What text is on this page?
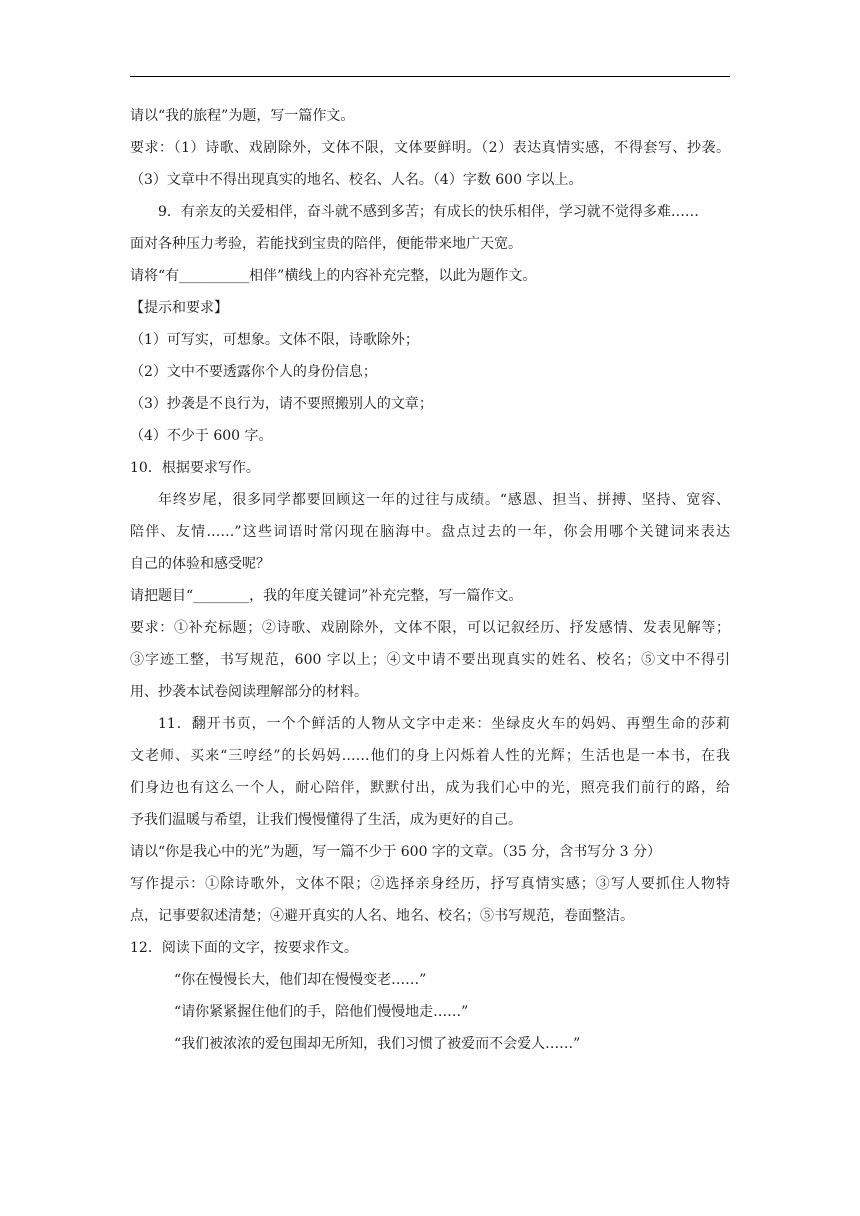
请以“我的旅程”为题，写一篇作文。
要求：（1）诗歌、戏剧除外，文体不限，文体要鲜明。（2）表达真情实感，不得套写、抄袭。
（3）文章中不得出现真实的地名、校名、人名。（4）字数 600 字以上。
9．有亲友的关爱相伴，奋斗就不感到多苦；有成长的快乐相伴，学习就不觉得多难……
面对各种压力考验，若能找到宝贵的陪伴，便能带来地广天宽。
请将“有__________相伴”横线上的内容补充完整，以此为题作文。
【提示和要求】
（1）可写实，可想象。文体不限，诗歌除外；
（2）文中不要透露你个人的身份信息；
（3）抄袭是不良行为，请不要照搬别人的文章；
（4）不少于 600 字。
10．根据要求写作。
年终岁尾，很多同学都要回顾这一年的过往与成绩。“感恩、担当、拼搏、坚持、宽容、
陪伴、友情……”这些词语时常闪现在脑海中。盘点过去的一年，你会用哪个关键词来表达
自己的体验和感受呢？
请把题目“________，我的年度关键词”补充完整，写一篇作文。
要求：①补充标题；②诗歌、戏剧除外，文体不限，可以记叙经历、抒发感情、发表见解等；
③字迹工整，书写规范，600 字以上；④文中请不要出现真实的姓名、校名；⑤文中不得引
用、抄袭本试卷阅读理解部分的材料。
11．翻开书页，一个个鲜活的人物从文字中走来：坐绿皮火车的妈妈、再塑生命的莎莉
文老师、买来“三哼经”的长妈妈……他们的身上闪烁着人性的光辉；生活也是一本书，在我
们身边也有这么一个人，耐心陪伴，默默付出，成为我们心中的光，照亮我们前行的路，给
予我们温暖与希望，让我们慢慢懂得了生活，成为更好的自己。
请以“你是我心中的光”为题，写一篇不少于 600 字的文章。（35 分，含书写分 3 分）
写作提示：①除诗歌外，文体不限；②选择亲身经历，抒写真情实感；③写人要抓住人物特
点，记事要叙述清楚；④避开真实的人名、地名、校名；⑤书写规范，卷面整洁。
12．阅读下面的文字，按要求作文。
“你在慢慢长大，他们却在慢慢变老……”
“请你紧紧握住他们的手，陪他们慢慢地走……”
“我们被浓浓的爱包围却无所知，我们习惯了被爱而不会爱人……”
